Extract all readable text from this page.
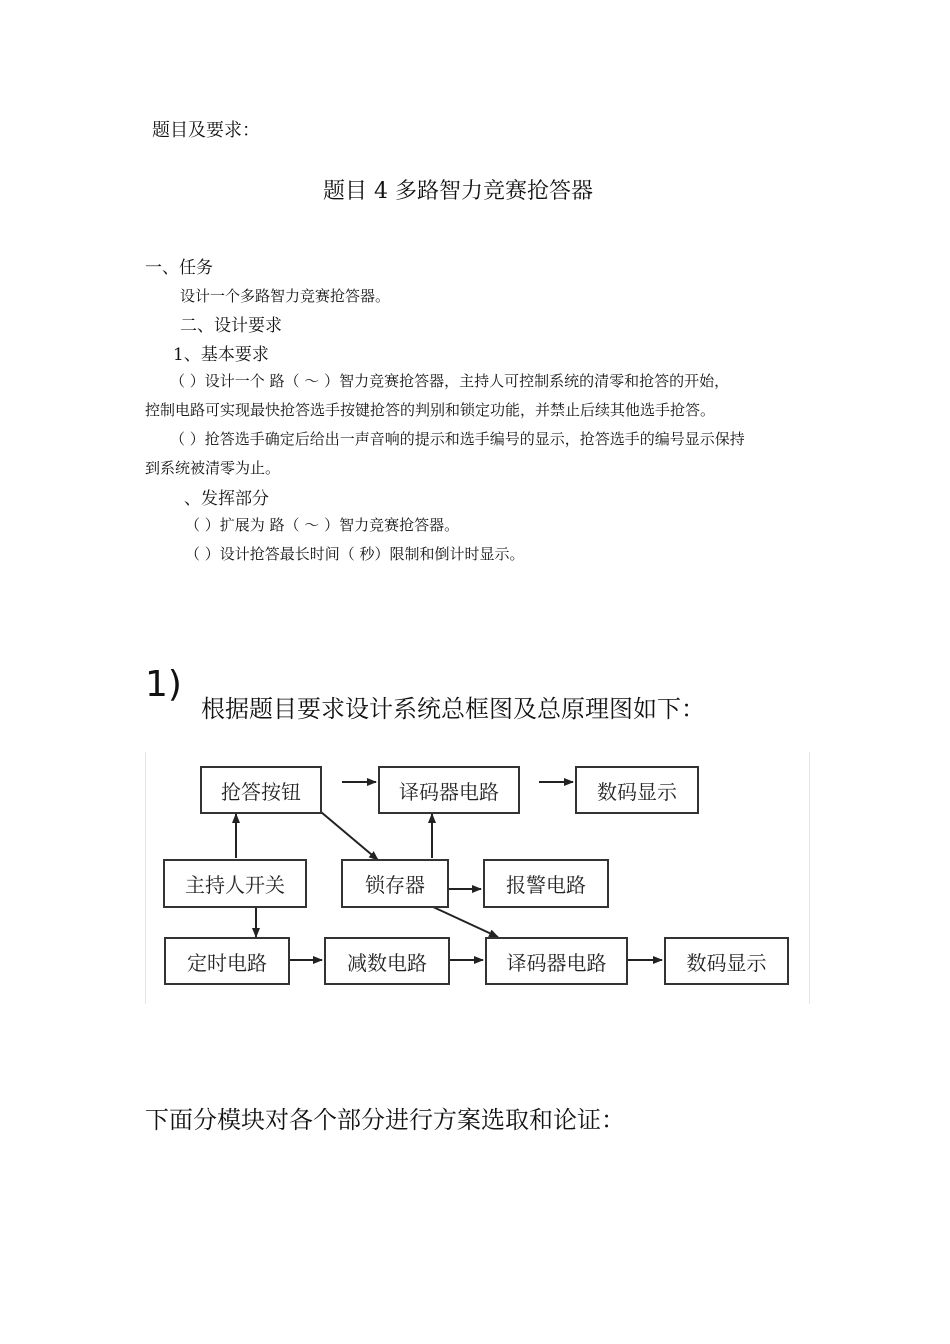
题目及要求：
题目 4 多路智力竞赛抢答器
一、任务
设计一个多路智力竞赛抢答器。
二、设计要求
1、基本要求
（ ）设计一个 路（ ～ ）智力竞赛抢答器，主持人可控制系统的清零和抢答的开始，
控制电路可实现最快抢答选手按键抢答的判别和锁定功能，并禁止后续其他选手抢答。
（ ）抢答选手确定后给出一声音响的提示和选手编号的显示，抢答选手的编号显示保持
到系统被清零为止。
、发挥部分
（ ）扩展为 路（ ～ ）智力竞赛抢答器。
（ ）设计抢答最长时间（ 秒）限制和倒计时显示。
1)
根据题目要求设计系统总框图及总原理图如下：
抢答按钮	译码器电路	数码显示
主持人开关	锁存器	报警电路
定时电路	减数电路	译码器电路	数码显示
下面分模块对各个部分进行方案选取和论证：
